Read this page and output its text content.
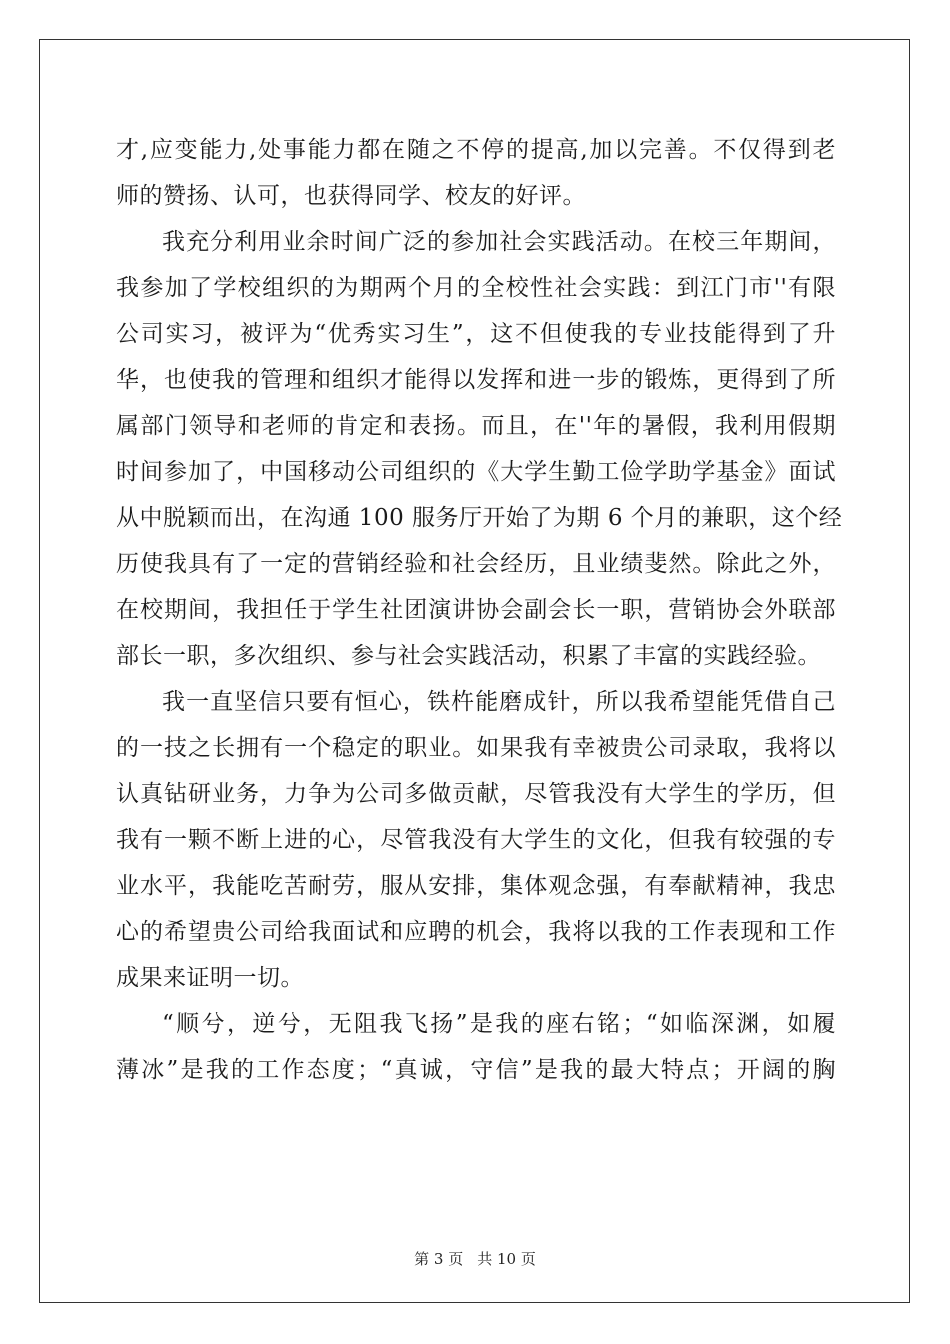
才,应变能力,处事能力都在随之不停的提高,加以完善。不仅得到老
师的赞扬、认可，也获得同学、校友的好评。
我充分利用业余时间广泛的参加社会实践活动。在校三年期间，
我参加了学校组织的为期两个月的全校性社会实践：到江门市''有限
公司实习，被评为“优秀实习生”，这不但使我的专业技能得到了升
华，也使我的管理和组织才能得以发挥和进一步的锻炼，更得到了所
属部门领导和老师的肯定和表扬。而且，在''年的暑假，我利用假期
时间参加了，中国移动公司组织的《大学生勤工俭学助学基金》面试
从中脱颖而出，在沟通 100 服务厅开始了为期 6 个月的兼职，这个经
历使我具有了一定的营销经验和社会经历，且业绩斐然。除此之外，
在校期间，我担任于学生社团演讲协会副会长一职，营销协会外联部
部长一职，多次组织、参与社会实践活动，积累了丰富的实践经验。
我一直坚信只要有恒心，铁杵能磨成针，所以我希望能凭借自己
的一技之长拥有一个稳定的职业。如果我有幸被贵公司录取，我将以
认真钻研业务，力争为公司多做贡献，尽管我没有大学生的学历，但
我有一颗不断上进的心，尽管我没有大学生的文化，但我有较强的专
业水平，我能吃苦耐劳，服从安排，集体观念强，有奉献精神，我忠
心的希望贵公司给我面试和应聘的机会，我将以我的工作表现和工作
成果来证明一切。
“顺兮，逆兮，无阻我飞扬”是我的座右铭；“如临深渊，如履
薄冰”是我的工作态度；“真诚，守信”是我的最大特点；开阔的胸
第 3 页 共 10 页
